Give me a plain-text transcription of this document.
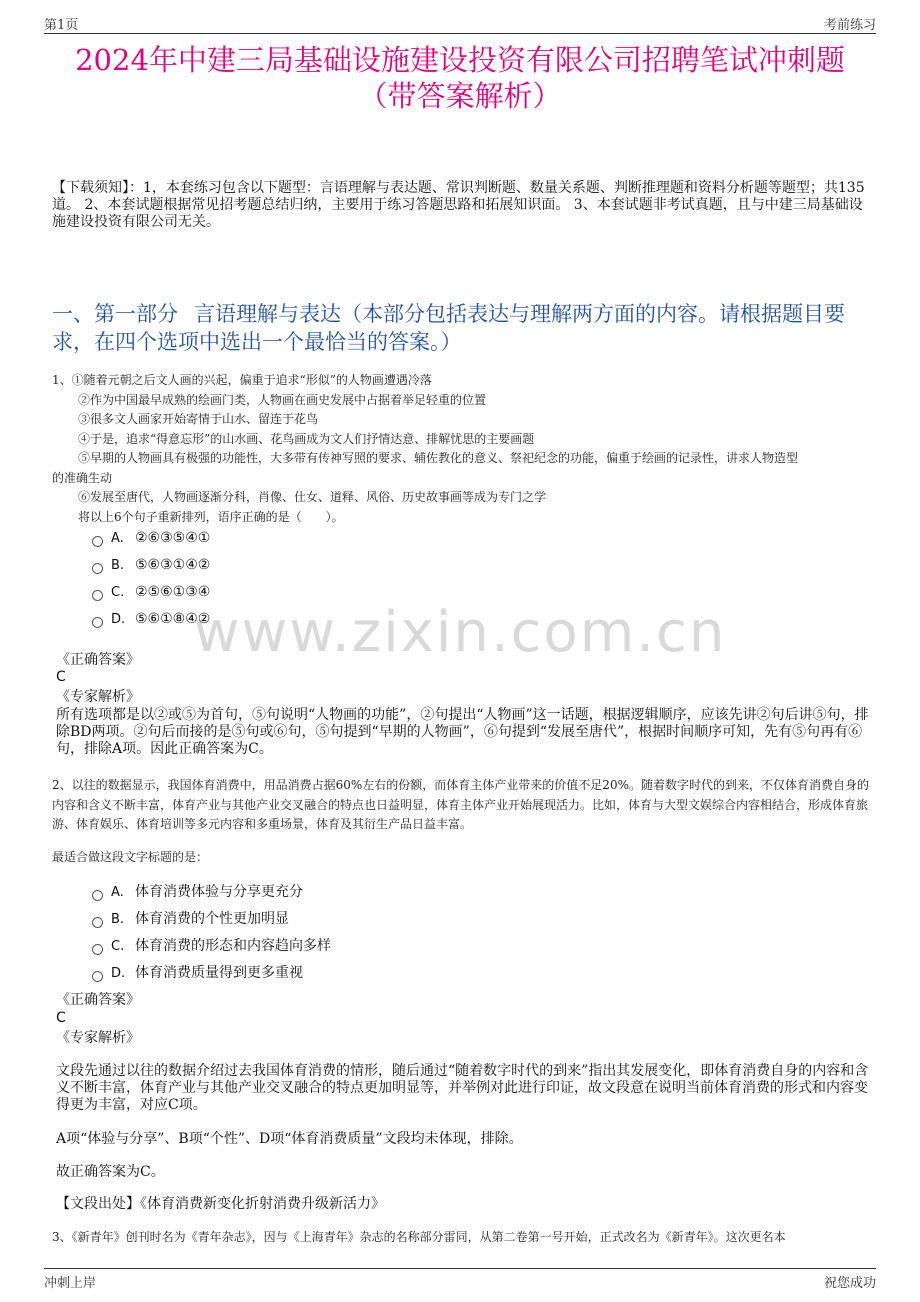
第1页	考前练习
2024年中建三局基础设施建设投资有限公司招聘笔试冲刺题
（带答案解析）
【下载须知】：1，本套练习包含以下题型：言语理解与表达题、常识判断题、数量关系题、判断推理题和资料分析题等题型；共135道。 2、本套试题根据常见招考题总结归纳，主要用于练习答题思路和拓展知识面。 3、本套试题非考试真题，且与中建三局基础设施建设投资有限公司无关。
一、第一部分 言语理解与表达（本部分包括表达与理解两方面的内容。请根据题目要求，在四个选项中选出一个最恰当的答案。）
www.zixin.com.cn
1、①随着元朝之后文人画的兴起，偏重于追求“形似”的人物画遭遇冷落
②作为中国最早成熟的绘画门类，人物画在画史发展中占据着举足轻重的位置
③很多文人画家开始寄情于山水、留连于花鸟
④于是，追求“得意忘形”的山水画、花鸟画成为文人们抒情达意、排解忧思的主要画题
⑤早期的人物画具有极强的功能性，大多带有传神写照的要求、辅佐教化的意义、祭祀纪念的功能，偏重于绘画的记录性，讲求人物造型
的准确生动
⑥发展至唐代，人物画逐渐分科，肖像、仕女、道释、风俗、历史故事画等成为专门之学
将以上6个句子重新排列，语序正确的是（　　）。
A. ②⑥③⑤④①
B. ⑤⑥③①④②
C. ②⑤⑥①③④
D. ⑤⑥①⑧④②
《正确答案》
C
《专家解析》
所有选项都是以②或⑤为首句，⑤句说明“人物画的功能”，②句提出“人物画”这一话题，根据逻辑顺序，应该先讲②句后讲⑤句，排除BD两项。②句后而接的是⑤句或⑥句，⑤句提到“早期的人物画”，⑥句提到“发展至唐代”，根据时间顺序可知，先有⑤句再有⑥句，排除A项。因此正确答案为C。
2、以往的数据显示，我国体育消费中，用品消费占据60%左右的份额，而体育主体产业带来的价值不足20%。随着数字时代的到来，不仅体育消费自身的内容和含义不断丰富，体育产业与其他产业交叉融合的特点也日益明显，体育主体产业开始展现活力。比如，体育与大型文娱综合内容相结合，形成体育旅游、体育娱乐、体育培训等多元内容和多重场景，体育及其衍生产品日益丰富。
最适合做这段文字标题的是：
A. 体育消费体验与分享更充分
B. 体育消费的个性更加明显
C. 体育消费的形态和内容趋向多样
D. 体育消费质量得到更多重视
《正确答案》
C
《专家解析》
文段先通过以往的数据介绍过去我国体育消费的情形，随后通过“随着数字时代的到来”指出其发展变化，即体育消费自身的内容和含义不断丰富，体育产业与其他产业交叉融合的特点更加明显等，并举例对此进行印证，故文段意在说明当前体育消费的形式和内容变得更为丰富，对应C项。
A项“体验与分享”、B项“个性”、D项“体育消费质量”文段均未体现，排除。
故正确答案为C。
【文段出处】《体育消费新变化折射消费升级新活力》
3、《新青年》创刊时名为《青年杂志》，因与《上海青年》杂志的名称部分雷同，从第二卷第一号开始，正式改名为《新青年》。这次更名本
冲刺上岸	祝您成功
